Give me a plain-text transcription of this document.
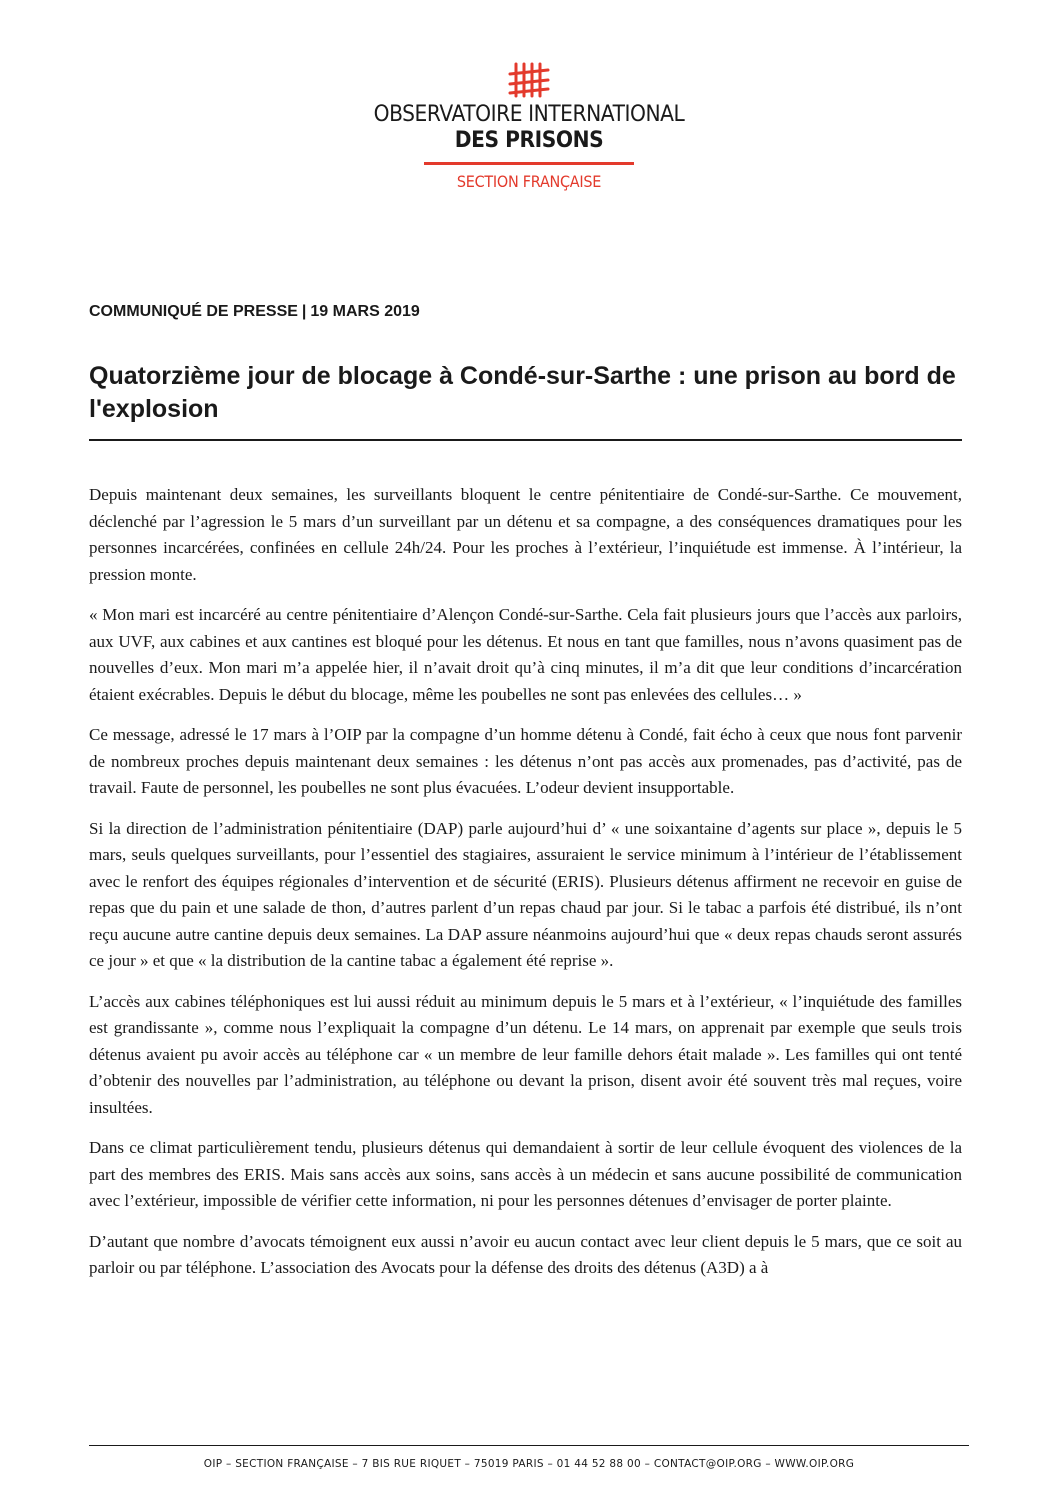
OBSERVATOIRE INTERNATIONAL
DES PRISONS
SECTION FRANÇAISE
COMMUNIQUÉ DE PRESSE | 19 MARS 2019
Quatorzième jour de blocage à Condé-sur-Sarthe : une prison au bord de l'explosion

Depuis maintenant deux semaines, les surveillants bloquent le centre pénitentiaire de Condé-sur-Sarthe. Ce mouvement, déclenché par l’agression le 5 mars d’un surveillant par un détenu et sa compagne, a des conséquences dramatiques pour les personnes incarcérées, confinées en cellule 24h/24. Pour les proches à l’extérieur, l’inquiétude est immense. À l’intérieur, la pression monte.

« Mon mari est incarcéré au centre pénitentiaire d’Alençon Condé-sur-Sarthe. Cela fait plusieurs jours que l’accès aux parloirs, aux UVF, aux cabines et aux cantines est bloqué pour les détenus. Et nous en tant que familles, nous n’avons quasiment pas de nouvelles d’eux. Mon mari m’a appelée hier, il n’avait droit qu’à cinq minutes, il m’a dit que leur conditions d’incarcération étaient exécrables. Depuis le début du blocage, même les poubelles ne sont pas enlevées des cellules… »

Ce message, adressé le 17 mars à l’OIP par la compagne d’un homme détenu à Condé, fait écho à ceux que nous font parvenir de nombreux proches depuis maintenant deux semaines : les détenus n’ont pas accès aux promenades, pas d’activité, pas de travail. Faute de personnel, les poubelles ne sont plus évacuées. L’odeur devient insupportable.

Si la direction de l’administration pénitentiaire (DAP) parle aujourd’hui d’ « une soixantaine d’agents sur place », depuis le 5 mars, seuls quelques surveillants, pour l’essentiel des stagiaires, assuraient le service minimum à l’intérieur de l’établissement avec le renfort des équipes régionales d’intervention et de sécurité (ERIS). Plusieurs détenus affirment ne recevoir en guise de repas que du pain et une salade de thon, d’autres parlent d’un repas chaud par jour. Si le tabac a parfois été distribué, ils n’ont reçu aucune autre cantine depuis deux semaines. La DAP assure néanmoins aujourd’hui que « deux repas chauds seront assurés ce jour » et que « la distribution de la cantine tabac a également été reprise ».

L’accès aux cabines téléphoniques est lui aussi réduit au minimum depuis le 5 mars et à l’extérieur, « l’inquiétude des familles est grandissante », comme nous l’expliquait la compagne d’un détenu. Le 14 mars, on apprenait par exemple que seuls trois détenus avaient pu avoir accès au téléphone car « un membre de leur famille dehors était malade ». Les familles qui ont tenté d’obtenir des nouvelles par l’administration, au téléphone ou devant la prison, disent avoir été souvent très mal reçues, voire insultées.

Dans ce climat particulièrement tendu, plusieurs détenus qui demandaient à sortir de leur cellule évoquent des violences de la part des membres des ERIS. Mais sans accès aux soins, sans accès à un médecin et sans aucune possibilité de communication avec l’extérieur, impossible de vérifier cette information, ni pour les personnes détenues d’envisager de porter plainte.

D’autant que nombre d’avocats témoignent eux aussi n’avoir eu aucun contact avec leur client depuis le 5 mars, que ce soit au parloir ou par téléphone. L’association des Avocats pour la défense des droits des détenus (A3D) a à

OIP – SECTION FRANÇAISE – 7 BIS RUE RIQUET – 75019 PARIS – 01 44 52 88 00 – CONTACT@OIP.ORG – WWW.OIP.ORG
